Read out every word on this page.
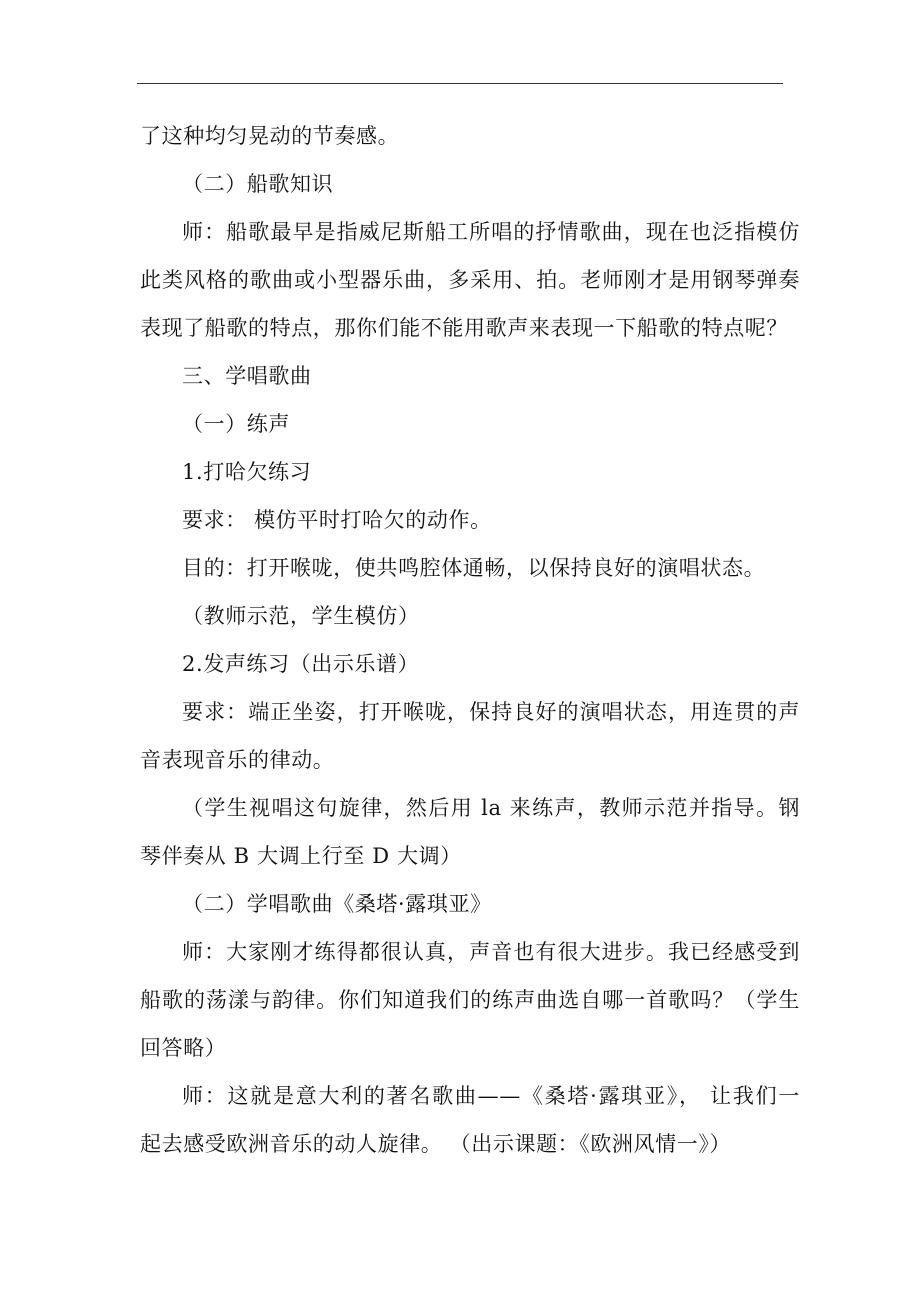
了这种均匀晃动的节奏感。
（二）船歌知识
师：船歌最早是指威尼斯船工所唱的抒情歌曲，现在也泛指模仿
此类风格的歌曲或小型器乐曲，多采用、拍。老师刚才是用钢琴弹奏
表现了船歌的特点，那你们能不能用歌声来表现一下船歌的特点呢？
三、学唱歌曲
（一）练声
1.打哈欠练习
要求： 模仿平时打哈欠的动作。
目的：打开喉咙，使共鸣腔体通畅，以保持良好的演唱状态。
（教师示范，学生模仿）
2.发声练习（出示乐谱）
要求：端正坐姿，打开喉咙，保持良好的演唱状态，用连贯的声
音表现音乐的律动。
（学生视唱这句旋律，然后用 la 来练声，教师示范并指导。钢
琴伴奏从 B 大调上行至 D 大调）
（二）学唱歌曲《桑塔·露琪亚》
师：大家刚才练得都很认真，声音也有很大进步。我已经感受到
船歌的荡漾与韵律。你们知道我们的练声曲选自哪一首歌吗？（学生
回答略）
师：这就是意大利的著名歌曲——《桑塔·露琪亚》， 让我们一
起去感受欧洲音乐的动人旋律。 （出示课题：《欧洲风情一》）
